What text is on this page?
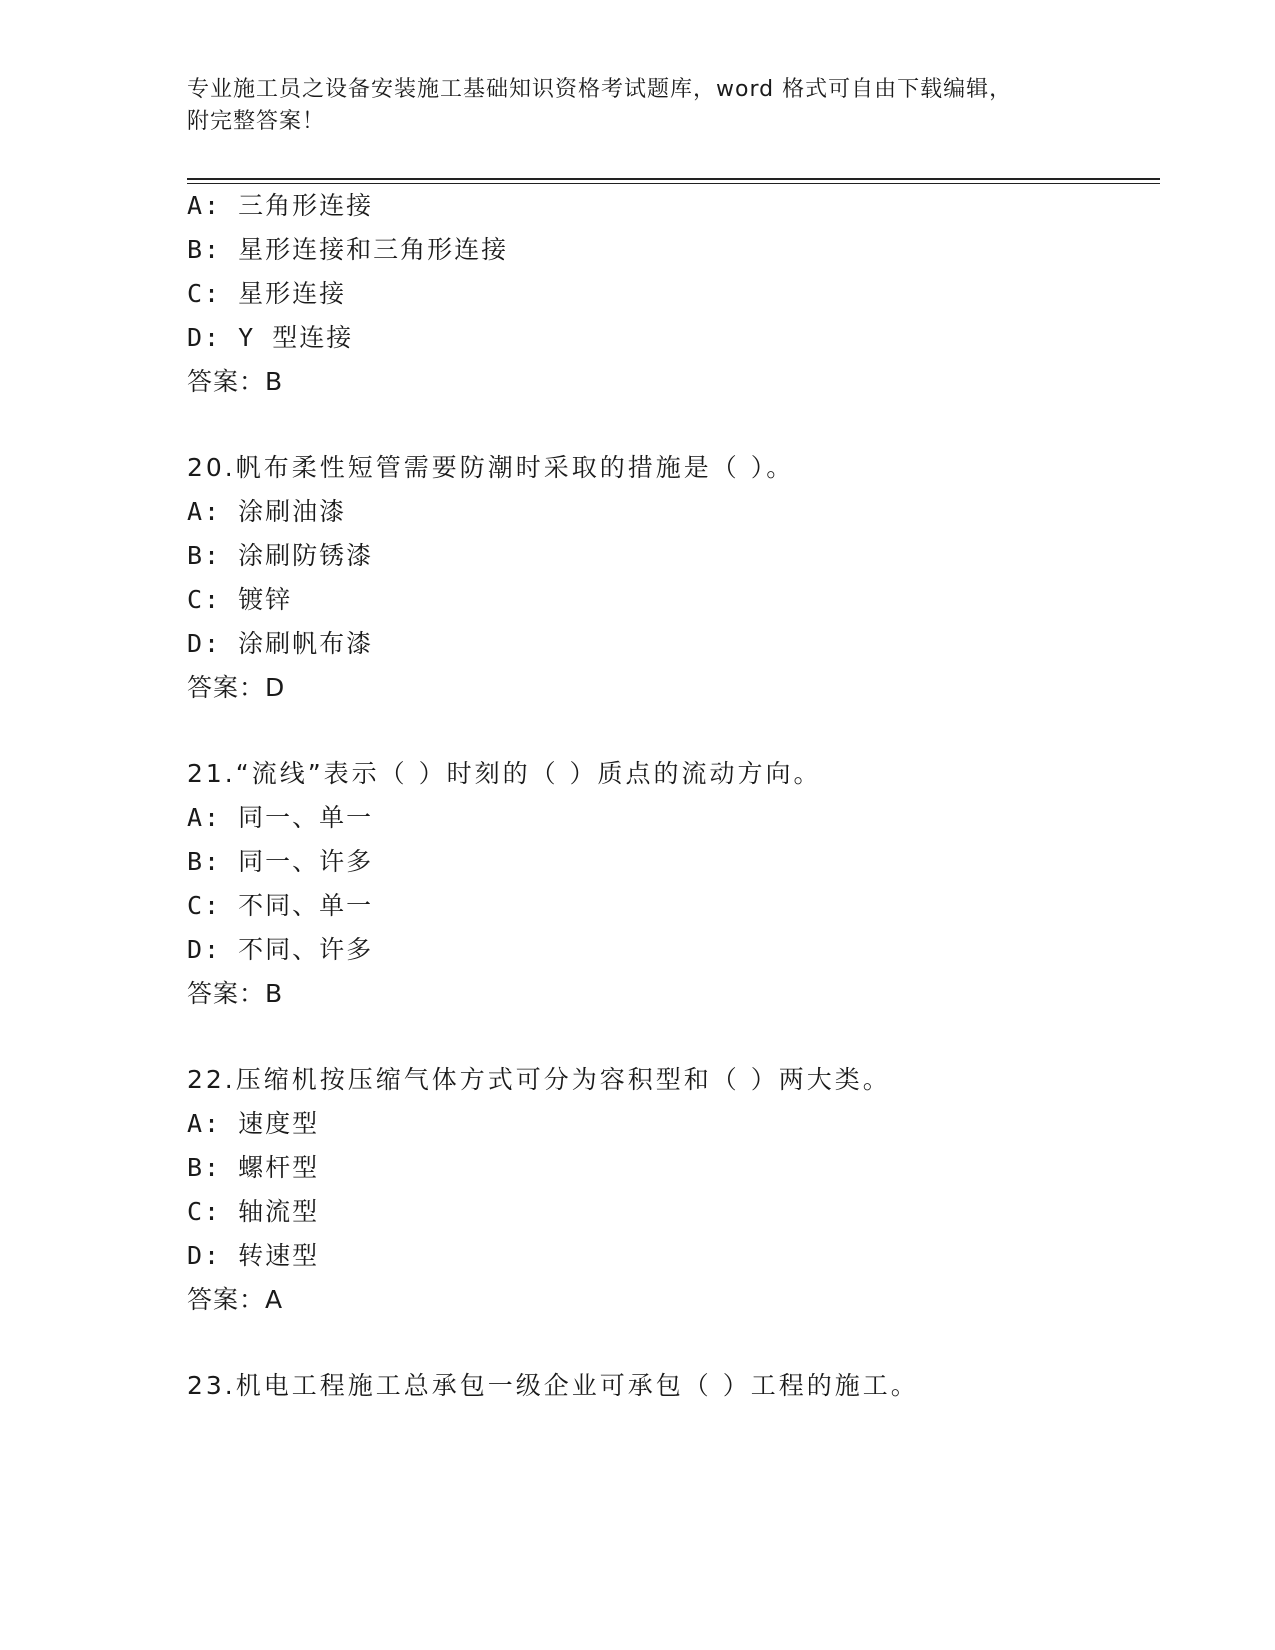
专业施工员之设备安装施工基础知识资格考试题库，word 格式可自由下载编辑，
附完整答案！
A: 三角形连接
B: 星形连接和三角形连接
C: 星形连接
D: Y 型连接
答案：B
20.帆布柔性短管需要防潮时采取的措施是（ ）。
A: 涂刷油漆
B: 涂刷防锈漆
C: 镀锌
D: 涂刷帆布漆
答案：D
21.“流线”表示（ ）时刻的（ ）质点的流动方向。
A: 同一、单一
B: 同一、许多
C: 不同、单一
D: 不同、许多
答案：B
22.压缩机按压缩气体方式可分为容积型和（ ）两大类。
A: 速度型
B: 螺杆型
C: 轴流型
D: 转速型
答案：A
23.机电工程施工总承包一级企业可承包（ ）工程的施工。
